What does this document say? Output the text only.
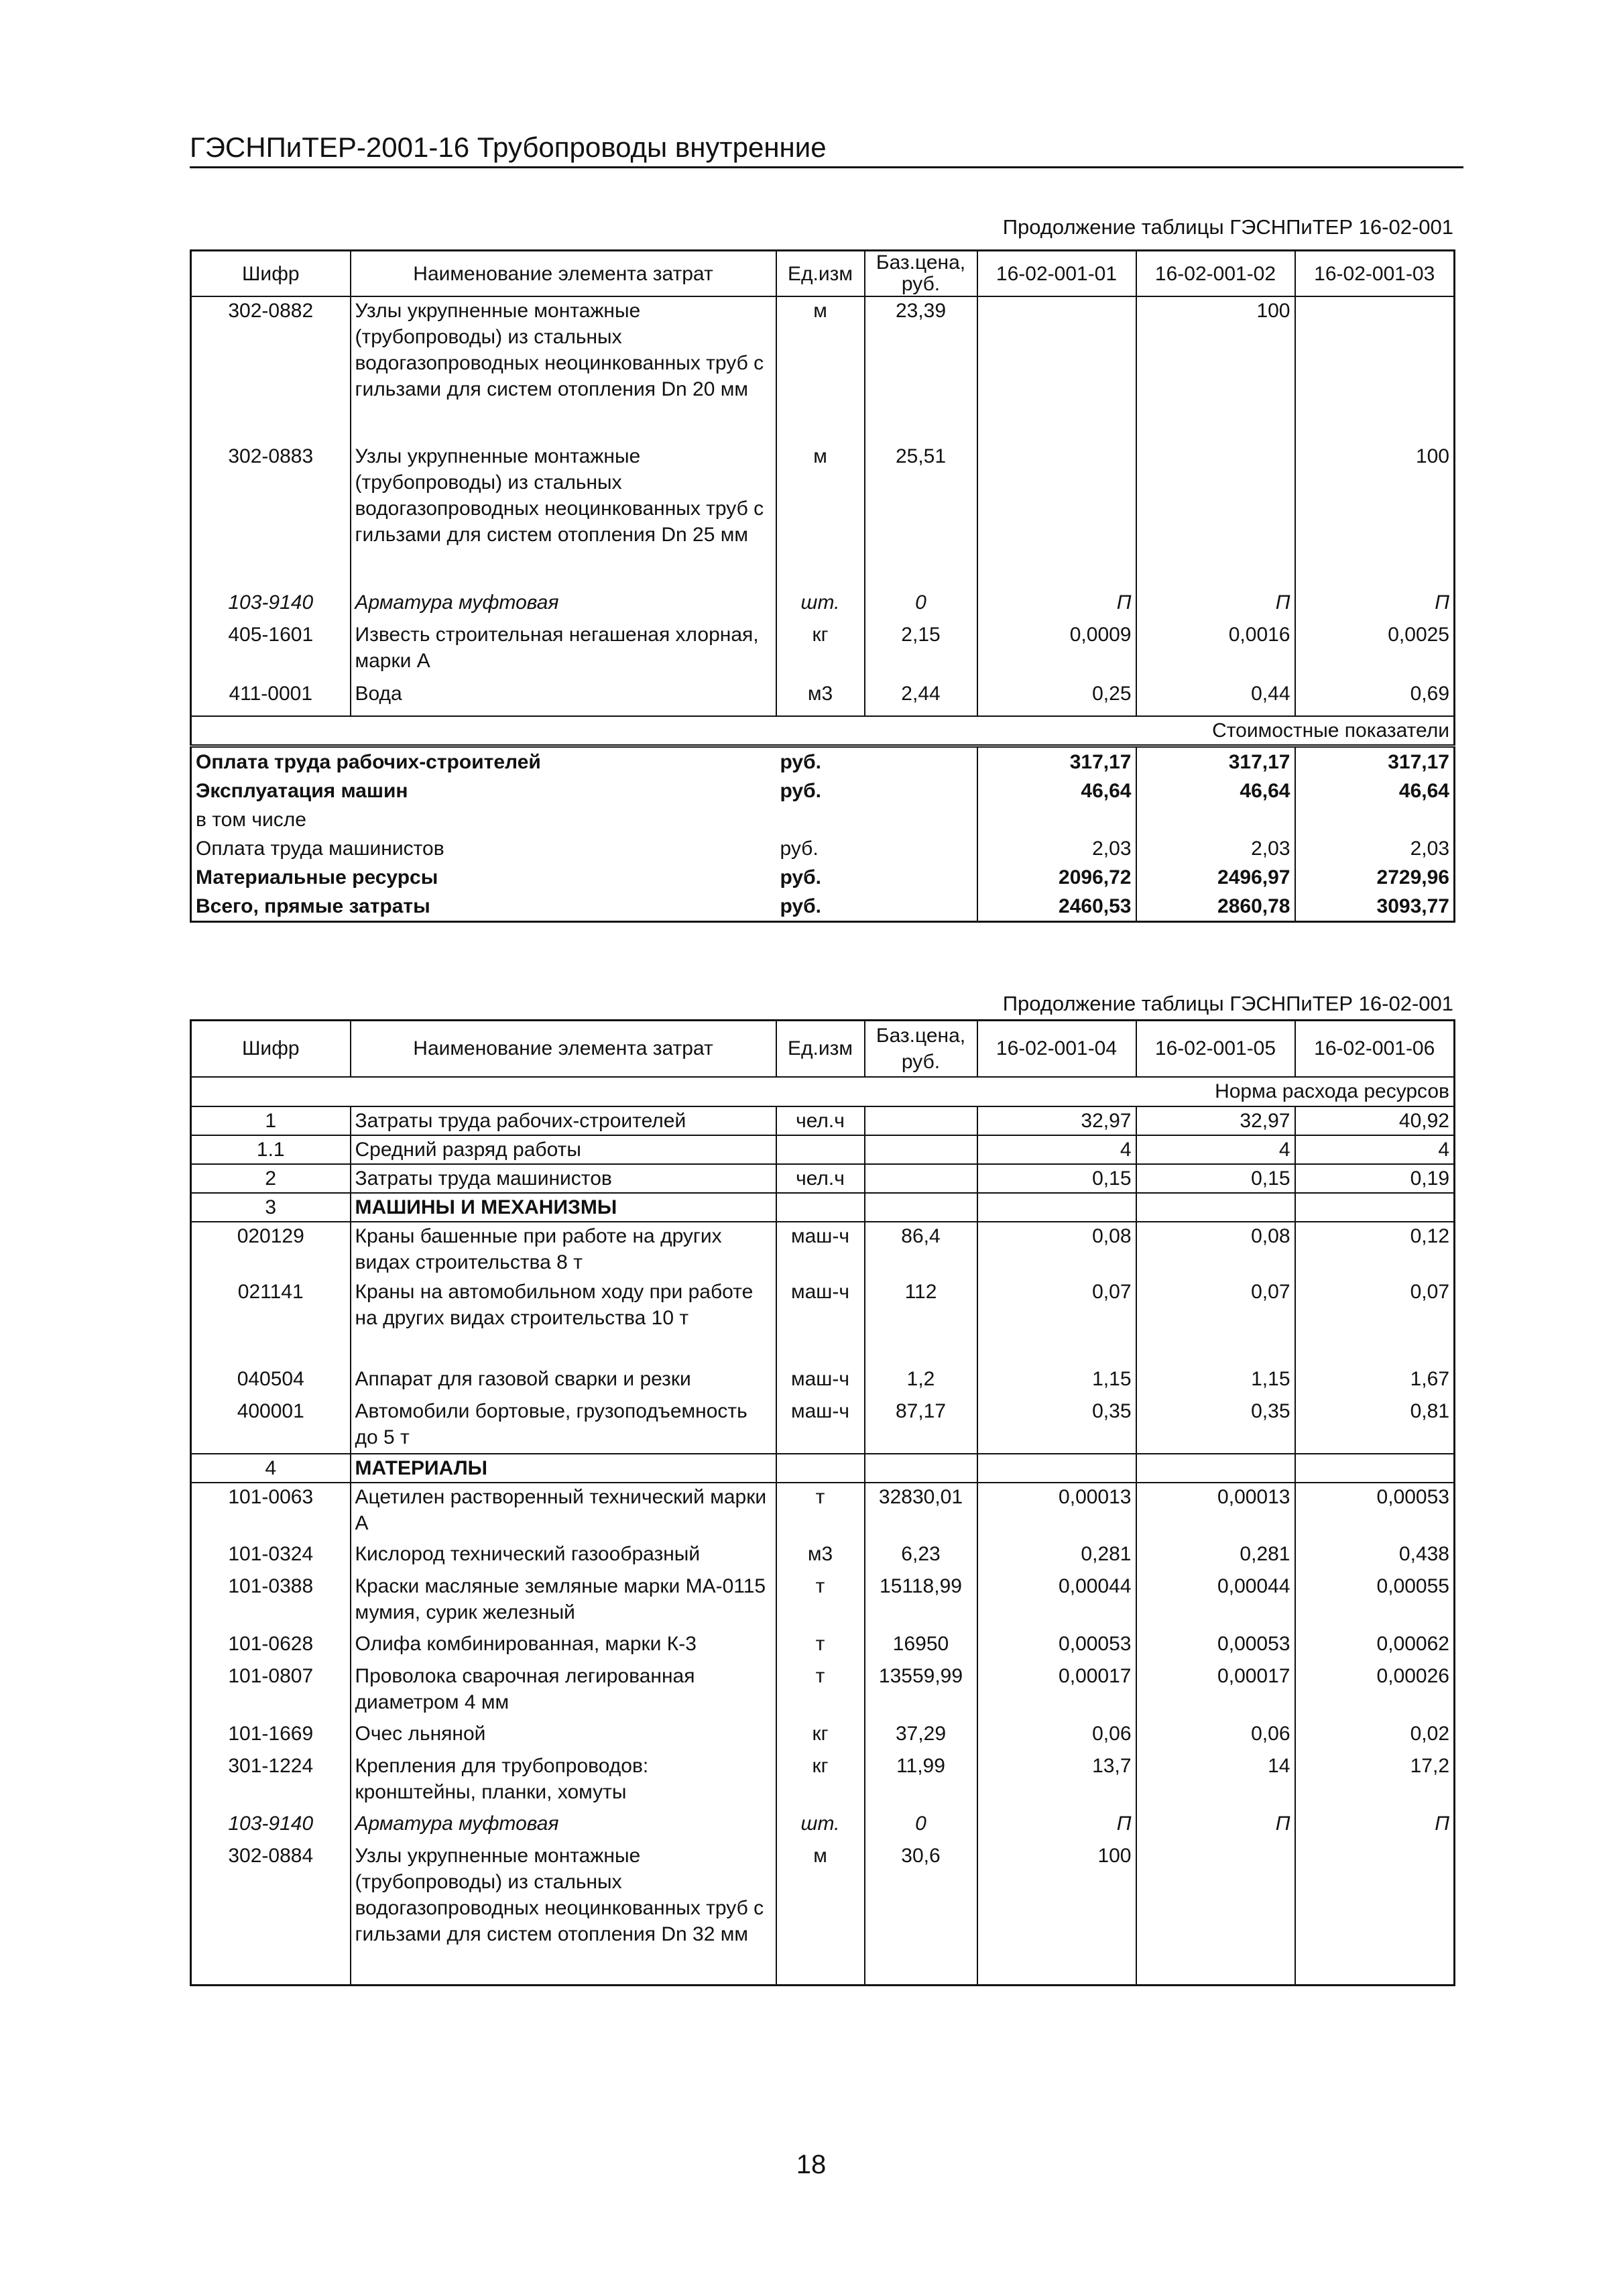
ГЭСНПиТЕР-2001-16 Трубопроводы внутренние
Продолжение таблицы ГЭСНПиТЕР 16-02-001
Шифр	Наименование элемента затрат	Ед.изм	Баз.цена, руб.	16-02-001-01	16-02-001-02	16-02-001-03
302-0882	Узлы укрупненные монтажные (трубопроводы) из стальных водогазопроводных неоцинкованных труб с гильзами для систем отопления Dn 20 мм	м	23,39		100	
302-0883	Узлы укрупненные монтажные (трубопроводы) из стальных водогазопроводных неоцинкованных труб с гильзами для систем отопления Dn 25 мм	м	25,51			100
103-9140	Арматура муфтовая	шт.	0	П	П	П
405-1601	Известь строительная негашеная хлорная, марки А	кг	2,15	0,0009	0,0016	0,0025
411-0001	Вода	м3	2,44	0,25	0,44	0,69
Стоимостные показатели						
Оплата труда рабочих-строителей		руб.		317,17	317,17	317,17
Эксплуатация машин		руб.		46,64	46,64	46,64
в том числе						
Оплата труда машинистов		руб.		2,03	2,03	2,03
Материальные ресурсы		руб.		2096,72	2496,97	2729,96
Всего, прямые затраты		руб.		2460,53	2860,78	3093,77
Продолжение таблицы ГЭСНПиТЕР 16-02-001
Шифр	Наименование элемента затрат	Ед.изм	Баз.цена, руб.	16-02-001-04	16-02-001-05	16-02-001-06
Норма расхода ресурсов						
1	Затраты труда рабочих-строителей	чел.ч		32,97	32,97	40,92
1.1	Средний разряд работы			4	4	4
2	Затраты труда машинистов	чел.ч		0,15	0,15	0,19
3	МАШИНЫ И МЕХАНИЗМЫ					
020129	Краны башенные при работе на других видах строительства 8 т	маш-ч	86,4	0,08	0,08	0,12
021141	Краны на автомобильном ходу при работе на других видах строительства 10 т	маш-ч	112	0,07	0,07	0,07
040504	Аппарат для газовой сварки и резки	маш-ч	1,2	1,15	1,15	1,67
400001	Автомобили бортовые, грузоподъемность до 5 т	маш-ч	87,17	0,35	0,35	0,81
4	МАТЕРИАЛЫ					
101-0063	Ацетилен растворенный технический марки А	т	32830,01	0,00013	0,00013	0,00053
101-0324	Кислород технический газообразный	м3	6,23	0,281	0,281	0,438
101-0388	Краски масляные земляные марки МА-0115 мумия, сурик железный	т	15118,99	0,00044	0,00044	0,00055
101-0628	Олифа комбинированная, марки К-3	т	16950	0,00053	0,00053	0,00062
101-0807	Проволока сварочная легированная диаметром 4 мм	т	13559,99	0,00017	0,00017	0,00026
101-1669	Очес льняной	кг	37,29	0,06	0,06	0,02
301-1224	Крепления для трубопроводов: кронштейны, планки, хомуты	кг	11,99	13,7	14	17,2
103-9140	Арматура муфтовая	шт.	0	П	П	П
302-0884	Узлы укрупненные монтажные (трубопроводы) из стальных водогазопроводных неоцинкованных труб с гильзами для систем отопления Dn 32 мм	м	30,6	100		
18
